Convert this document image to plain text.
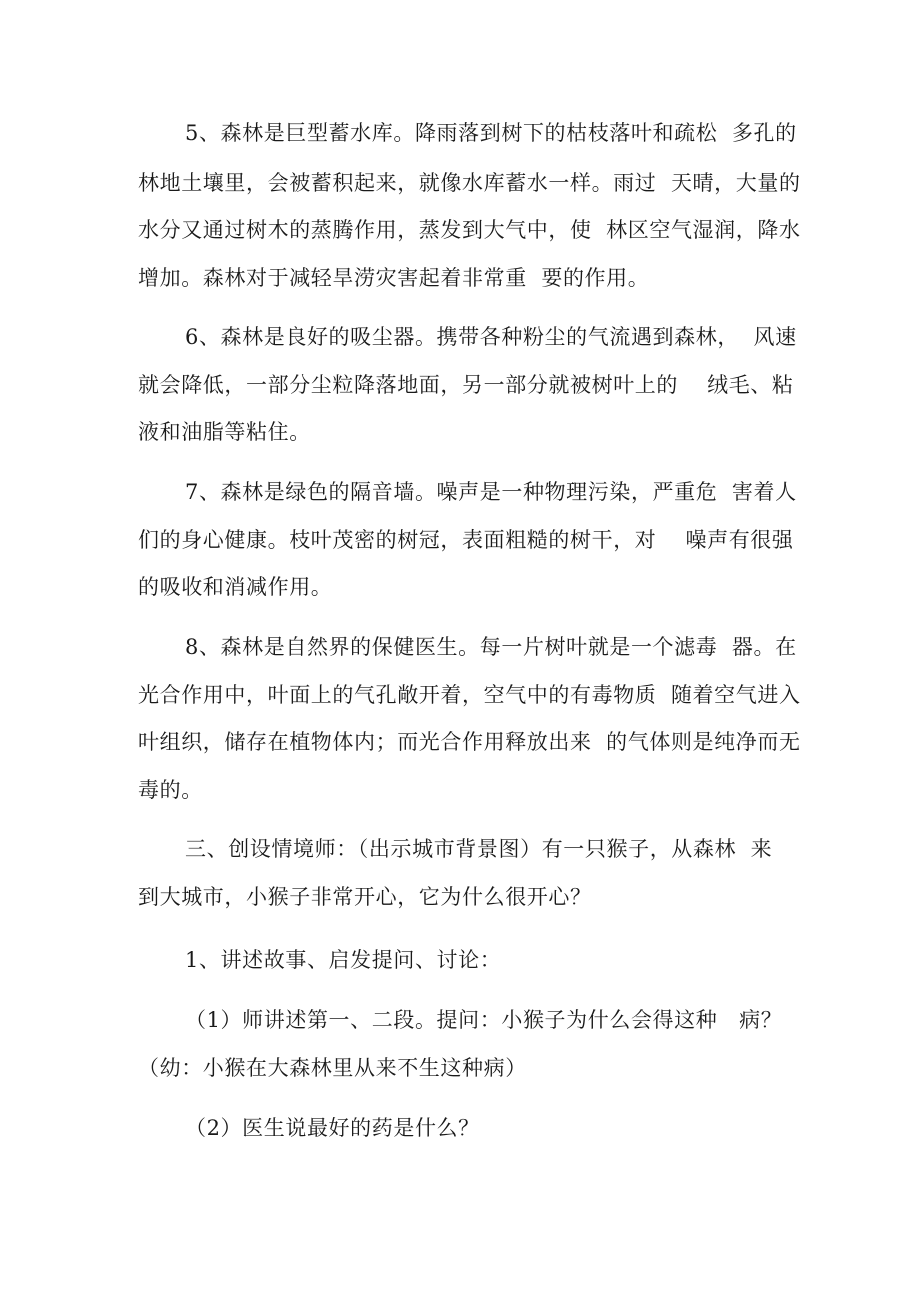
5、森林是巨型蓄水库。降雨落到树下的枯枝落叶和疏松  多孔的
林地土壤里，会被蓄积起来，就像水库蓄水一样。雨过  天晴，大量的
水分又通过树木的蒸腾作用，蒸发到大气中，使  林区空气湿润，降水
增加。森林对于减轻旱涝灾害起着非常重  要的作用。
6、森林是良好的吸尘器。携带各种粉尘的气流遇到森林，  风速
就会降低，一部分尘粒降落地面，另一部分就被树叶上的    绒毛、粘
液和油脂等粘住。
7、森林是绿色的隔音墙。噪声是一种物理污染，严重危  害着人
们的身心健康。枝叶茂密的树冠，表面粗糙的树干，对    噪声有很强
的吸收和消减作用。
8、森林是自然界的保健医生。每一片树叶就是一个滤毒  器。在
光合作用中，叶面上的气孔敞开着，空气中的有毒物质  随着空气进入
叶组织，储存在植物体内；而光合作用释放出来  的气体则是纯净而无
毒的。
三、创设情境师：（出示城市背景图）有一只猴子，从森林  来
到大城市，小猴子非常开心，它为什么很开心？
1、讲述故事、启发提问、讨论：
（1）师讲述第一、二段。提问：小猴子为什么会得这种   病？
（幼：小猴在大森林里从来不生这种病）
（2）医生说最好的药是什么？
